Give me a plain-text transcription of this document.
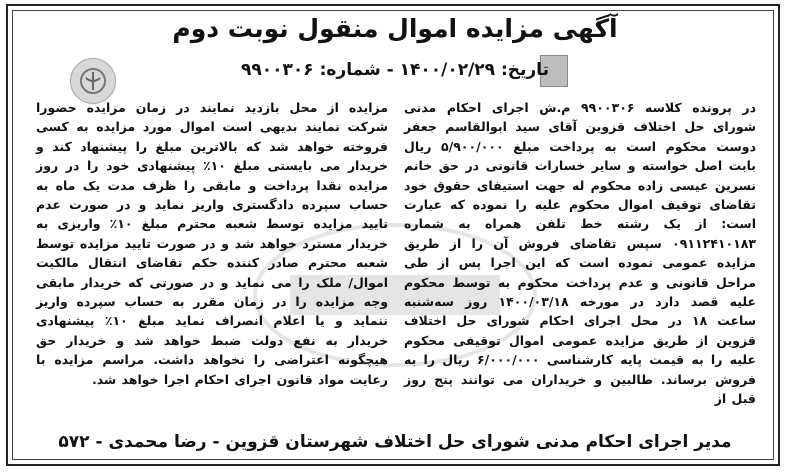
آگهی مزایده اموال منقول نوبت دوم
تاریخ: ۱۴۰۰/۰۲/۲۹ - شماره: ۹۹۰۰۳۰۶
در پرونده کلاسه ۹۹۰۰۳۰۶ م.ش اجرای احکام مدنی شورای حل اختلاف قزوین آقای سید ابوالقاسم جعفر دوست محکوم است به پرداخت مبلغ ۵/۹۰۰/۰۰۰ ریال بابت اصل خواسته و سایر خسارات قانونی در حق خانم نسرین عیسی زاده محکوم له جهت استیفای حقوق خود تقاضای توقیف اموال محکوم علیه را نموده که عبارت است: از یک رشته خط تلفن همراه به شماره ۰۹۱۱۲۴۱۰۱۸۳ سپس تقاضای فروش آن را از طریق مزایده عمومی نموده است که این اجرا پس از طی مراحل قانونی و عدم پرداخت محکوم به توسط محکوم علیه قصد دارد در مورخه ۱۴۰۰/۰۳/۱۸ روز سه‌شنبه ساعت ۱۸ در محل اجرای احکام شورای حل اختلاف قزوین از طریق مزایده عمومی اموال توقیفی محکوم علیه را به قیمت پایه کارشناسی ۶/۰۰۰/۰۰۰ ریال را به فروش برساند. طالبین و خریداران می توانند پنج روز قبل از
مزایده از محل بازدید نمایند در زمان مزایده حضورا شرکت نمایند بدیهی است اموال مورد مزایده به کسی فروخته خواهد شد که بالاترین مبلغ را پیشنهاد کند و خریدار می بایستی مبلغ ۱۰٪ پیشنهادی خود را در روز مزایده نقدا پرداخت و مابقی را ظرف مدت یک ماه به حساب سپرده دادگستری واریز نماید و در صورت عدم تایید مزایده توسط شعبه محترم مبلغ ۱۰٪ واریزی به خریدار مسترد خواهد شد و در صورت تایید مزایده توسط شعبه محترم صادر کننده حکم تقاضای انتقال مالکیت اموال/ ملک را می نماید و در صورتی که خریدار مابقی وجه مزایده را در زمان مقرر به حساب سپرده واریز ننماید و یا اعلام انصراف نماید مبلغ ۱۰٪ پیشنهادی خریدار به نفع دولت ضبط خواهد شد و خریدار حق هیچگونه اعتراضی را نخواهد داشت. مراسم مزایده با رعایت مواد قانون اجرای احکام اجرا خواهد شد.
مدیر اجرای احکام مدنی شورای حل اختلاف شهرستان قزوین - رضا محمدی - ۵۷۲
